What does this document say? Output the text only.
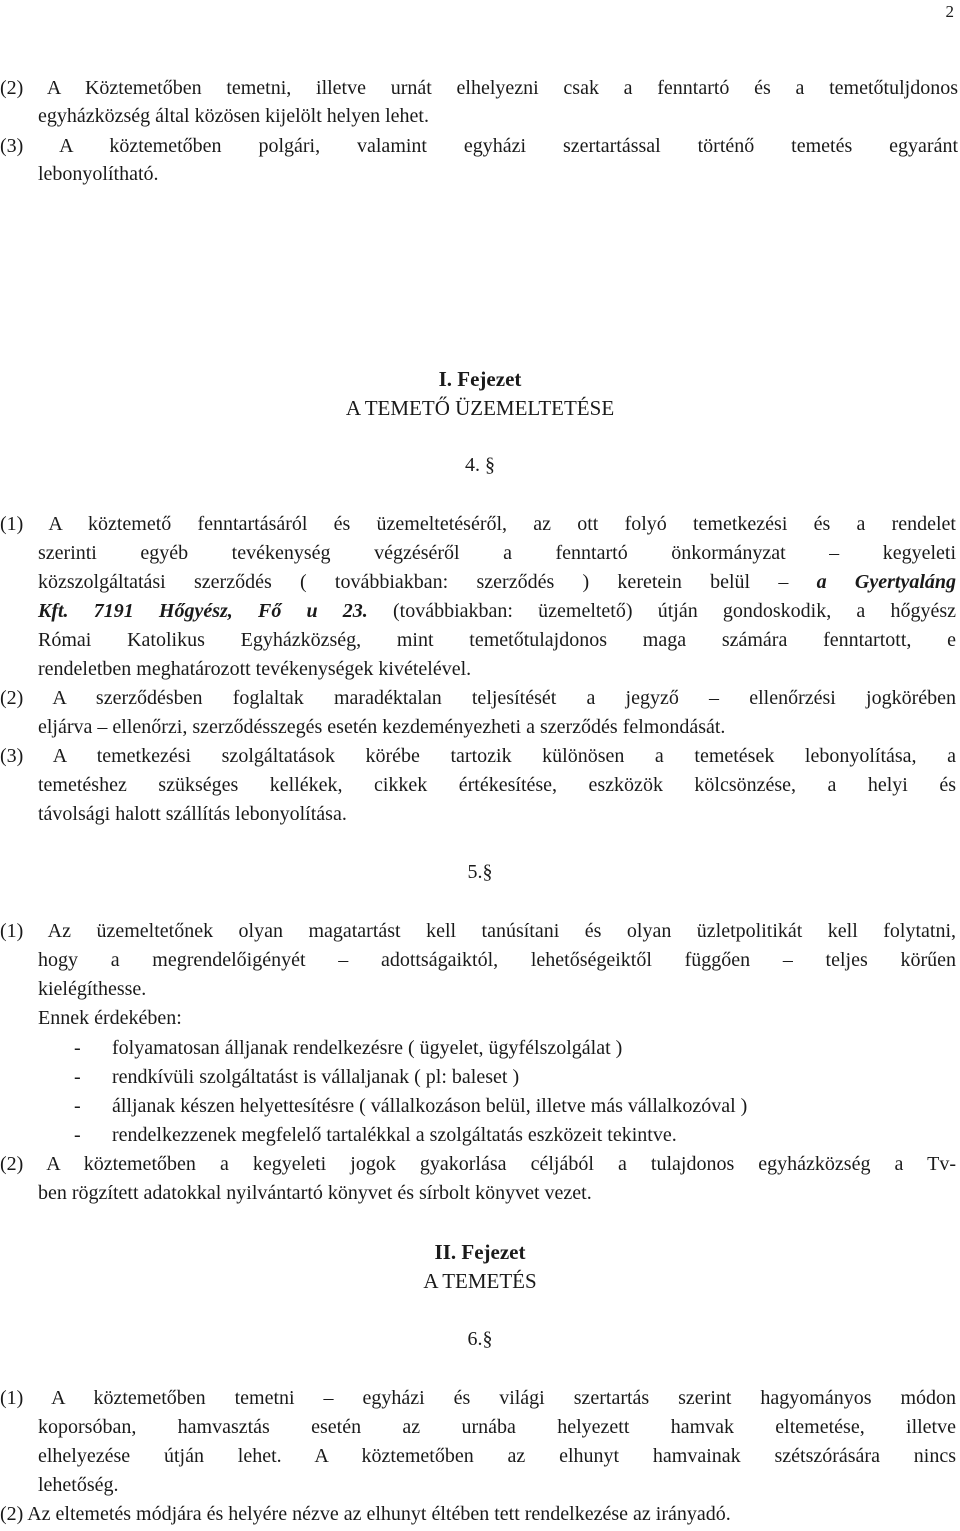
2
(2) A Köztemetőben temetni, illetve urnát elhelyezni csak a fenntartó és a temetőtuljdonos
egyházközség által közösen kijelölt helyen lehet.
(3) A köztemetőben polgári, valamint egyházi szertartással történő temetés egyaránt
lebonyolítható.
I. Fejezet
A TEMETŐ ÜZEMELTETÉSE
4. §
(1) A köztemető fenntartásáról és üzemeltetéséről, az ott folyó temetkezési és a rendelet
szerinti egyéb tevékenység végzéséről a fenntartó önkormányzat – kegyeleti
közszolgáltatási szerződés ( továbbiakban: szerződés ) keretein belül – a Gyertyaláng
Kft. 7191 Hőgyész, Fő u 23. (továbbiakban: üzemeltető) útján gondoskodik, a hőgyész
Római Katolikus Egyházközség, mint temetőtulajdonos maga számára fenntartott, e
rendeletben meghatározott tevékenységek kivételével.
(2) A szerződésben foglaltak maradéktalan teljesítését a jegyző – ellenőrzési jogkörében
eljárva – ellenőrzi, szerződésszegés esetén kezdeményezheti a szerződés felmondását.
(3) A temetkezési szolgáltatások körébe tartozik különösen a temetések lebonyolítása, a
temetéshez szükséges kellékek, cikkek értékesítése, eszközök kölcsönzése, a helyi és
távolsági halott szállítás lebonyolítása.
5.§
(1) Az üzemeltetőnek olyan magatartást kell tanúsítani és olyan üzletpolitikát kell folytatni,
hogy a megrendelőigényét – adottságaiktól, lehetőségeiktől függően – teljes körűen
kielégíthesse.
Ennek érdekében:
- folyamatosan álljanak rendelkezésre ( ügyelet, ügyfélszolgálat )
- rendkívüli szolgáltatást is vállaljanak ( pl: baleset )
- álljanak készen helyettesítésre ( vállalkozáson belül, illetve más vállalkozóval )
- rendelkezzenek megfelelő tartalékkal a szolgáltatás eszközeit tekintve.
(2) A köztemetőben a kegyeleti jogok gyakorlása céljából a tulajdonos egyházközség a Tv-
ben rögzített adatokkal nyilvántartó könyvet és sírbolt könyvet vezet.
II. Fejezet
A TEMETÉS
6.§
(1) A köztemetőben temetni – egyházi és világi szertartás szerint hagyományos módon
koporsóban, hamvasztás esetén az urnába helyezett hamvak eltemetése, illetve
elhelyezése útján lehet. A köztemetőben az elhunyt hamvainak szétszórására nincs
lehetőség.
(2) Az eltemetés módjára és helyére nézve az elhunyt éltében tett rendelkezése az irányadó.
